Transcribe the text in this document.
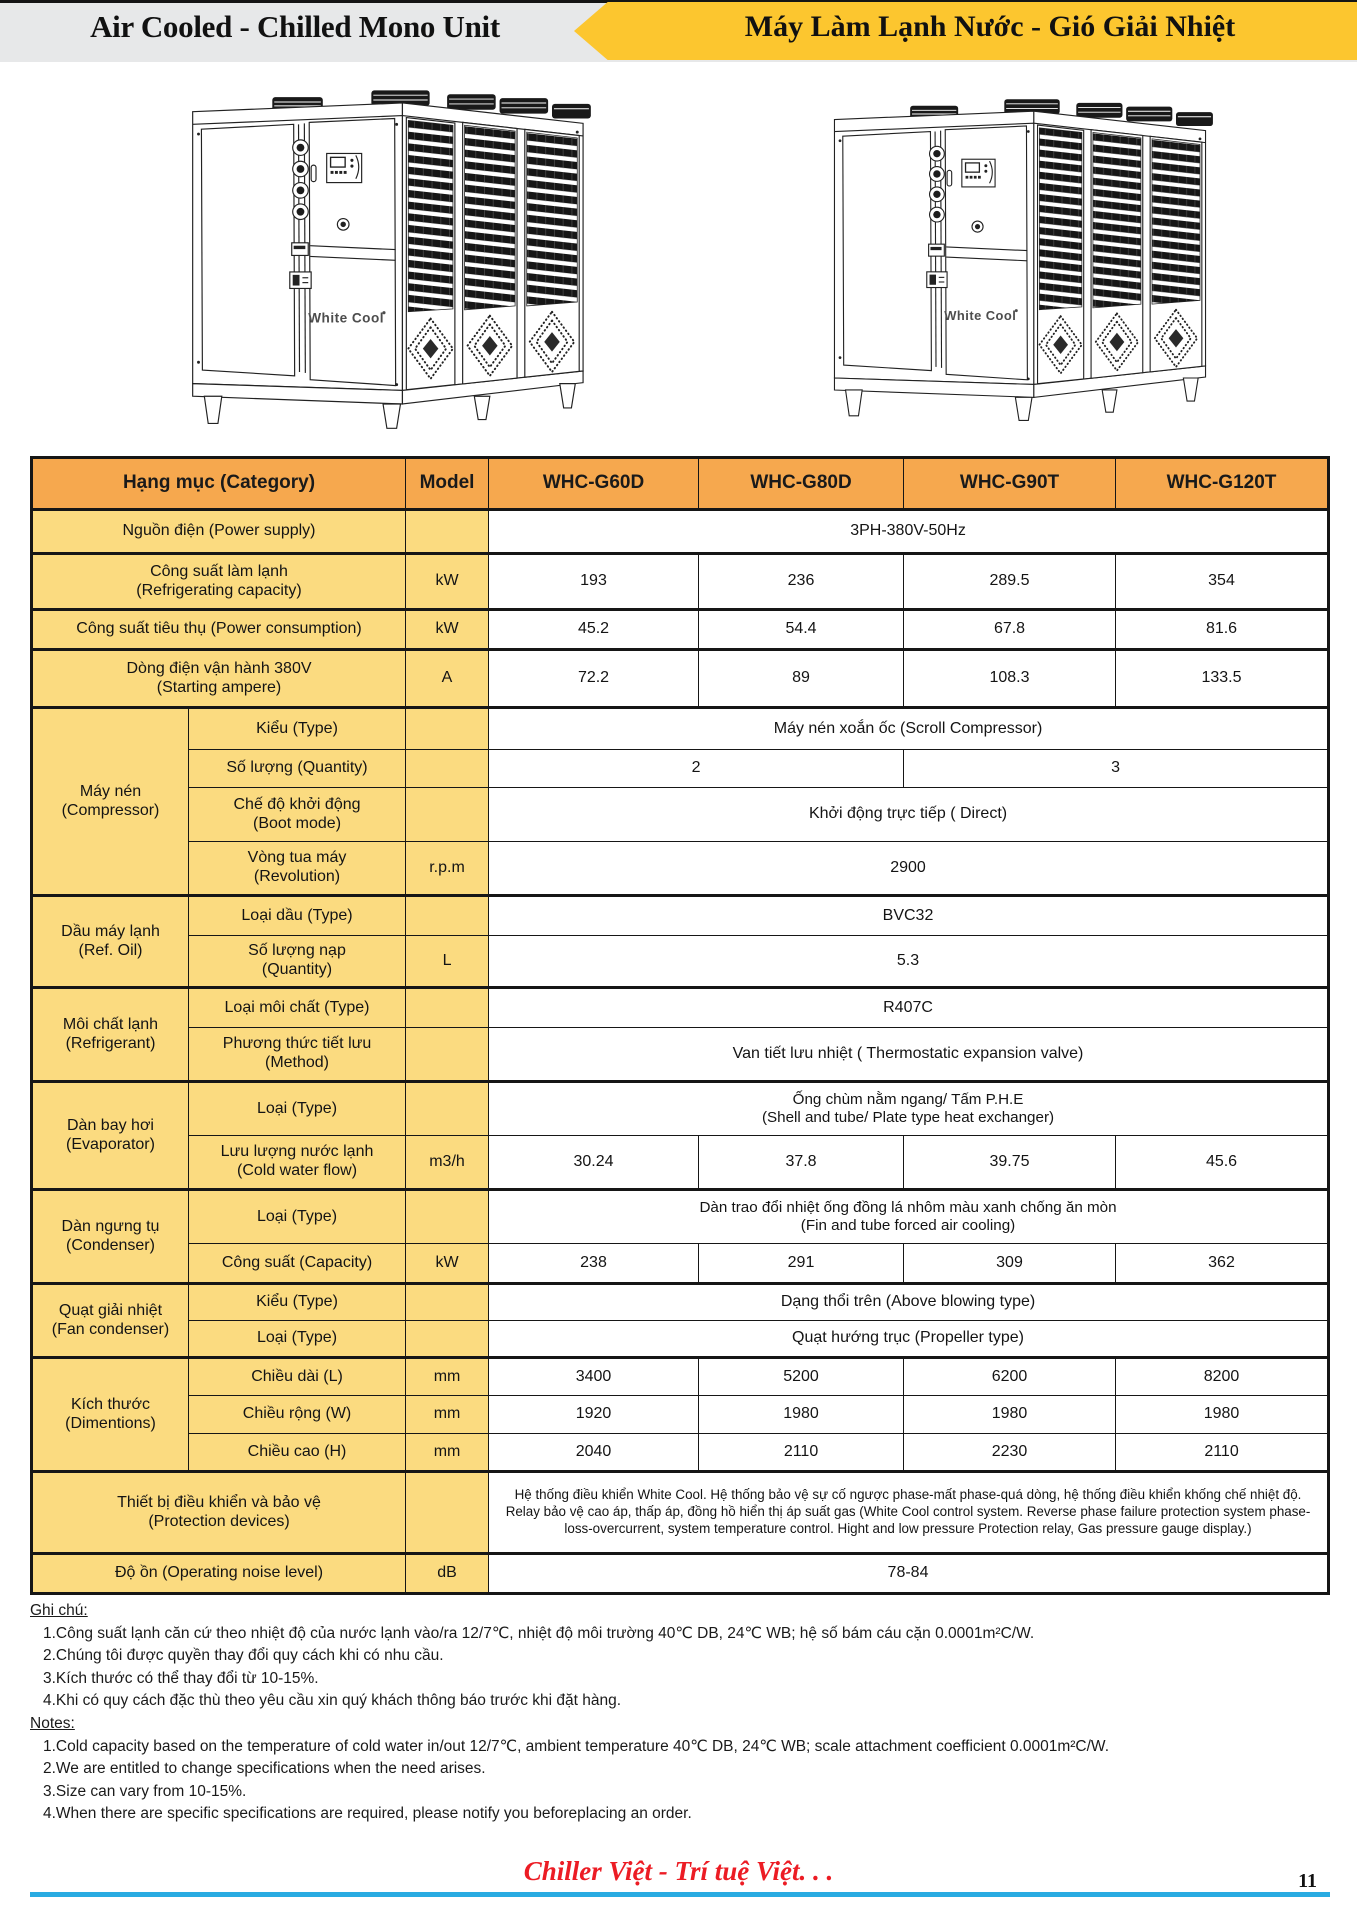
Air Cooled - Chilled Mono Unit	Máy Làm Lạnh Nước - Gió Giải Nhiệt
Hạng mục (Category)		Model	WHC-G60D	WHC-G80D	WHC-G90T	WHC-G120T
Nguồn điện (Power supply)			3PH-380V-50Hz			

Công suất làm lạnh
(Refrigerating capacity)		kW	193	236	289.5	354
Công suất tiêu thụ (Power consumption)		kW	45.2	54.4	67.8	81.6

Dòng điện vận hành 380V
(Starting ampere)		A	72.2	89	108.3	133.5

Máy nén
(Compressor)	Kiểu (Type)		Máy nén xoắn ốc (Scroll Compressor)			
	Số lượng (Quantity)		2		3	

	Chế độ khởi động
(Boot mode)		Khởi động trực tiếp ( Direct)			

	Vòng tua máy
(Revolution)	r.p.m	2900			

Dầu máy lạnh
(Ref. Oil)	Loại dầu (Type)		BVC32			

	Số lượng nạp
(Quantity)	L	5.3			

Môi chất lạnh
(Refrigerant)	Loại môi chất (Type)		R407C			

	Phương thức tiết lưu
(Method)		Van tiết lưu nhiệt ( Thermostatic expansion valve)			

Dàn bay hơi
(Evaporator)	Loại (Type)		Ống chùm nằm ngang/ Tấm P.H.E
(Shell and tube/ Plate type heat exchanger)			

	Lưu lượng nước lạnh
(Cold water flow)	m3/h	30.24	37.8	39.75	45.6

Dàn ngưng tụ
(Condenser)	Loại (Type)		Dàn trao đổi nhiệt ống đồng lá nhôm màu xanh chống ăn mòn
(Fin and tube forced air cooling)			

	Công suất (Capacity)	kW	238	291	309	362

Quạt giải nhiệt
(Fan condenser)	Kiểu (Type)		Dạng thổi trên (Above blowing type)			
	Loại (Type)		Quạt hướng trục (Propeller type)			

Kích thước
(Dimentions)	Chiều dài (L)	mm	3400	5200	6200	8200
	Chiều rộng (W)	mm	1920	1980	1980	1980
	Chiều cao (H)	mm	2040	2110	2230	2110

Thiết bị điều khiển và bảo vệ
(Protection devices)			Hệ thống điều khiển White Cool. Hệ thống bảo vệ sự cố ngược phase-mất phase-quá dòng, hệ thống điều khiển khống chế nhiệt độ. Relay bảo vệ cao áp, thấp áp, đồng hồ hiển thị áp suất gas (White Cool control system. Reverse phase failure protection system phase-loss-overcurrent, system temperature control. Hight and low pressure Protection relay, Gas pressure gauge display.)			
Độ ồn (Operating noise level)		dB	78-84			
Ghi chú:
1.Công suất lạnh căn cứ theo nhiệt độ của nước lạnh vào/ra 12/7℃, nhiệt độ môi trường 40℃ DB, 24℃ WB; hệ số bám cáu cặn 0.0001m²C/W.
2.Chúng tôi được quyền thay đổi quy cách khi có nhu cầu.
3.Kích thước có thể thay đổi từ 10-15%.
4.Khi có quy cách đặc thù theo yêu cầu xin quý khách thông báo trước khi đặt hàng.
Notes:
1.Cold capacity based on the temperature of cold water in/out 12/7℃, ambient temperature 40℃ DB, 24℃ WB; scale attachment coefficient 0.0001m²C/W.
2.We are entitled to change specifications when the need arises.
3.Size can vary from 10-15%.
4.When there are specific specifications are required, please notify you beforeplacing an order.
Chiller Việt - Trí tuệ Việt. . .	11
